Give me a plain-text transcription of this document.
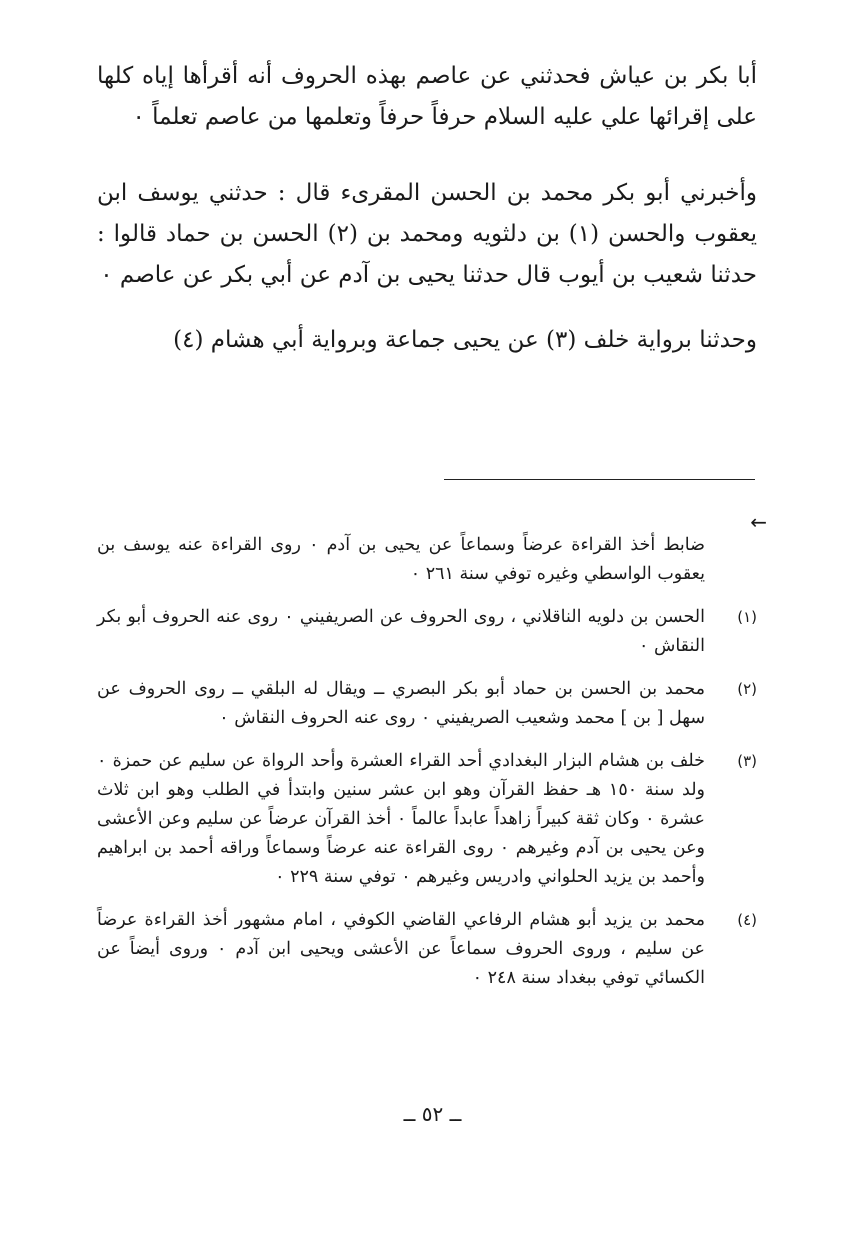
أبا بكر بن عياش فحدثني عن عاصم بهذه الحروف أنه أقرأها إياه كلها على إقرائها علي عليه السلام حرفاً حرفاً وتعلمها من عاصم تعلماً ٠

وأخبرني أبو بكر محمد بن الحسن المقرىء قال : حدثني يوسف ابن يعقوب والحسن (١) بن دلثويه ومحمد بن (٢) الحسن بن حماد قالوا : حدثنا شعيب بن أيوب قال حدثنا يحيى بن آدم عن أبي بكر عن عاصم ٠

وحدثنا برواية خلف (٣) عن يحيى جماعة وبرواية أبي هشام (٤)

←
ضابط أخذ القراءة عرضاً وسماعاً عن يحيى بن آدم ٠ روى القراءة عنه يوسف بن يعقوب الواسطي وغيره توفي سنة ٢٦١ ٠
(١)
الحسن بن دلويه الناقلاني ، روى الحروف عن الصريفيني ٠ روى عنه الحروف أبو بكر النقاش ٠
(٢)
محمد بن الحسن بن حماد أبو بكر البصري ــ ويقال له البلقي ــ روى الحروف عن سهل [ بن ] محمد وشعيب الصريفيني ٠ روى عنه الحروف النقاش ٠
(٣)
خلف بن هشام البزار البغدادي أحد القراء العشرة وأحد الرواة عن سليم عن حمزة ٠ ولد سنة ١٥٠ هـ حفظ القرآن وهو ابن عشر سنين وابتدأ في الطلب وهو ابن ثلاث عشرة ٠ وكان ثقة كبيراً زاهداً عابداً عالماً ٠ أخذ القرآن عرضاً عن سليم وعن الأعشى وعن يحيى بن آدم وغيرهم ٠ روى القراءة عنه عرضاً وسماعاً وراقه أحمد بن ابراهيم وأحمد بن يزيد الحلواني وادريس وغيرهم ٠ توفي سنة ٢٢٩ ٠
(٤)
محمد بن يزيد أبو هشام الرفاعي القاضي الكوفي ، امام مشهور أخذ القراءة عرضاً عن سليم ، وروى الحروف سماعاً عن الأعشى ويحيى ابن آدم ٠ وروى أيضاً عن الكسائي توفي ببغداد سنة ٢٤٨ ٠
ــ ٥٢ ــ
